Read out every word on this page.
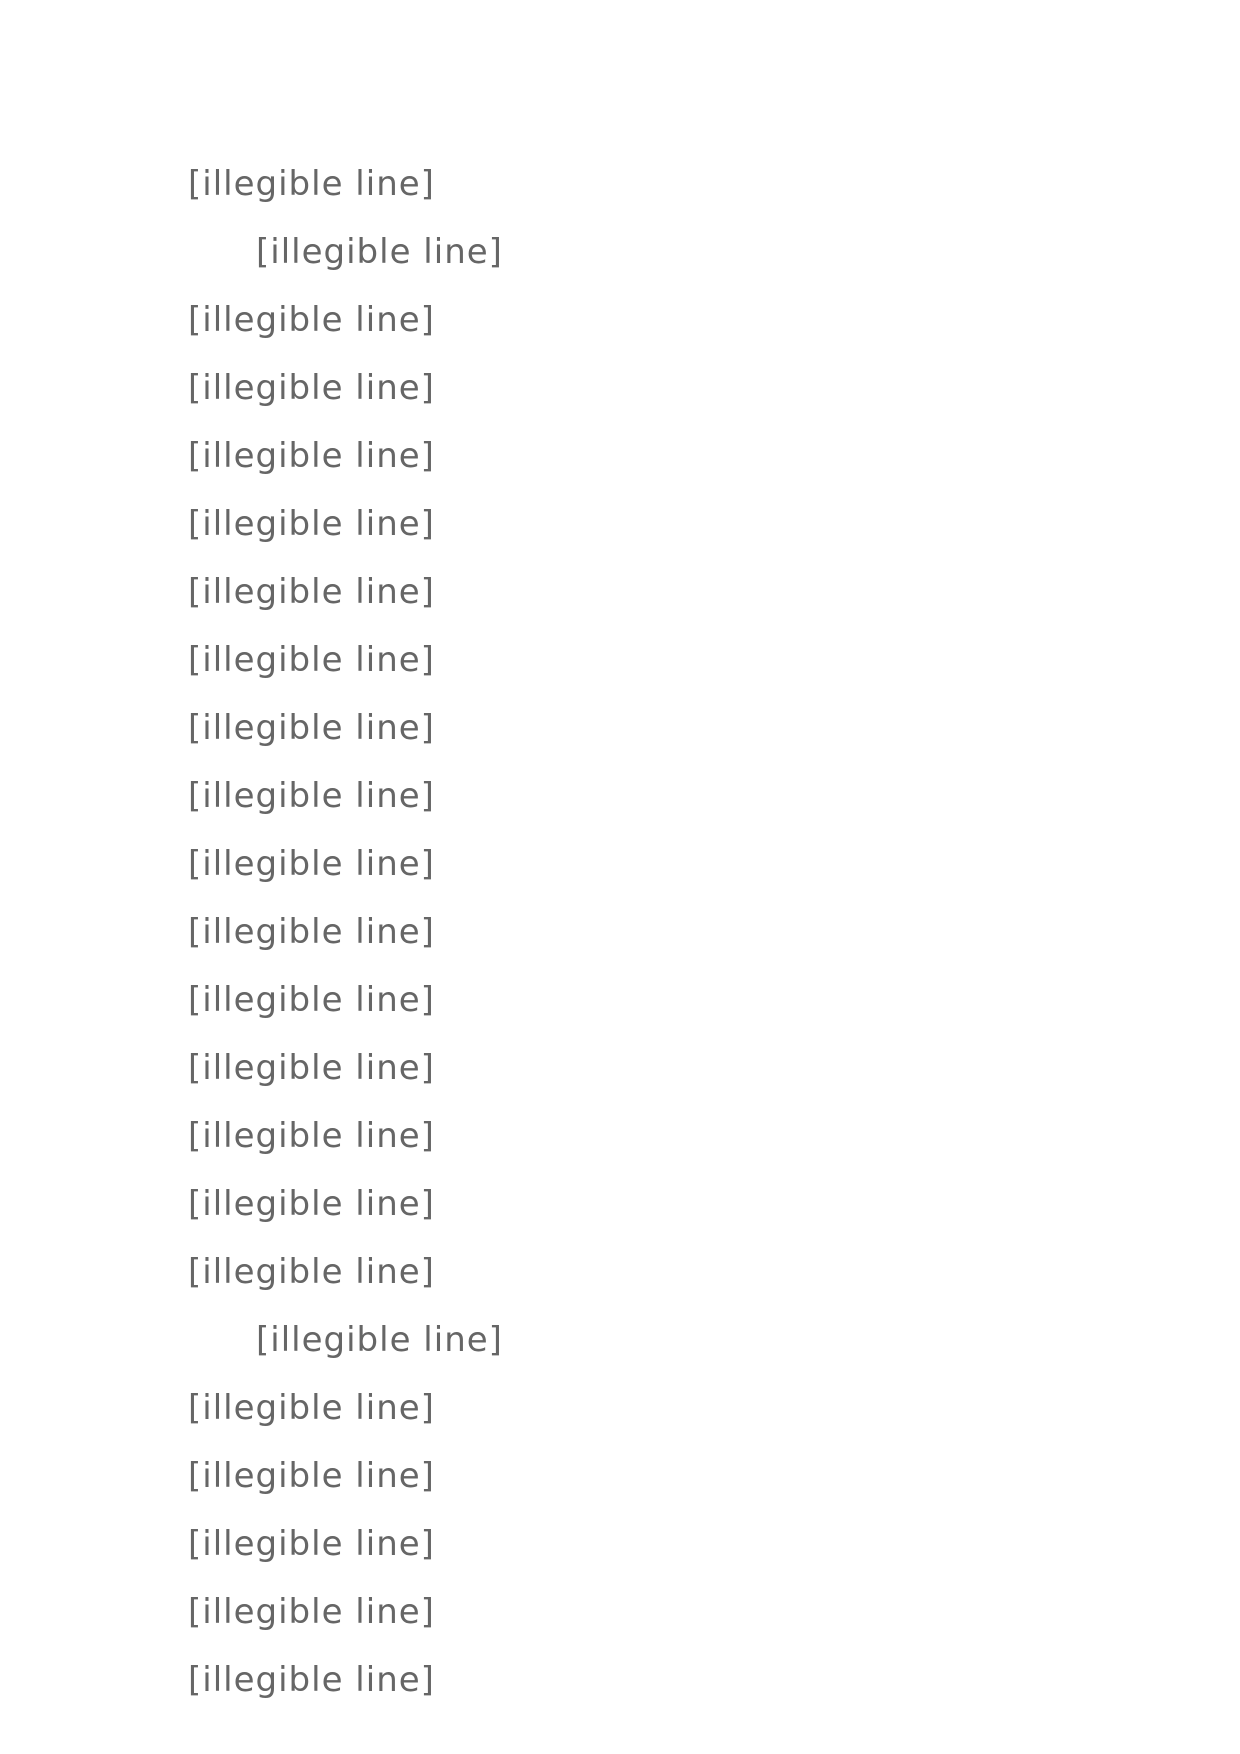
[illegible line]
[illegible line]
[illegible line]
[illegible line]
[illegible line]
[illegible line]
[illegible line]
[illegible line]
[illegible line]
[illegible line]
[illegible line]
[illegible line]
[illegible line]
[illegible line]
[illegible line]
[illegible line]
[illegible line]
[illegible line]
[illegible line]
[illegible line]
[illegible line]
[illegible line]
[illegible line]
